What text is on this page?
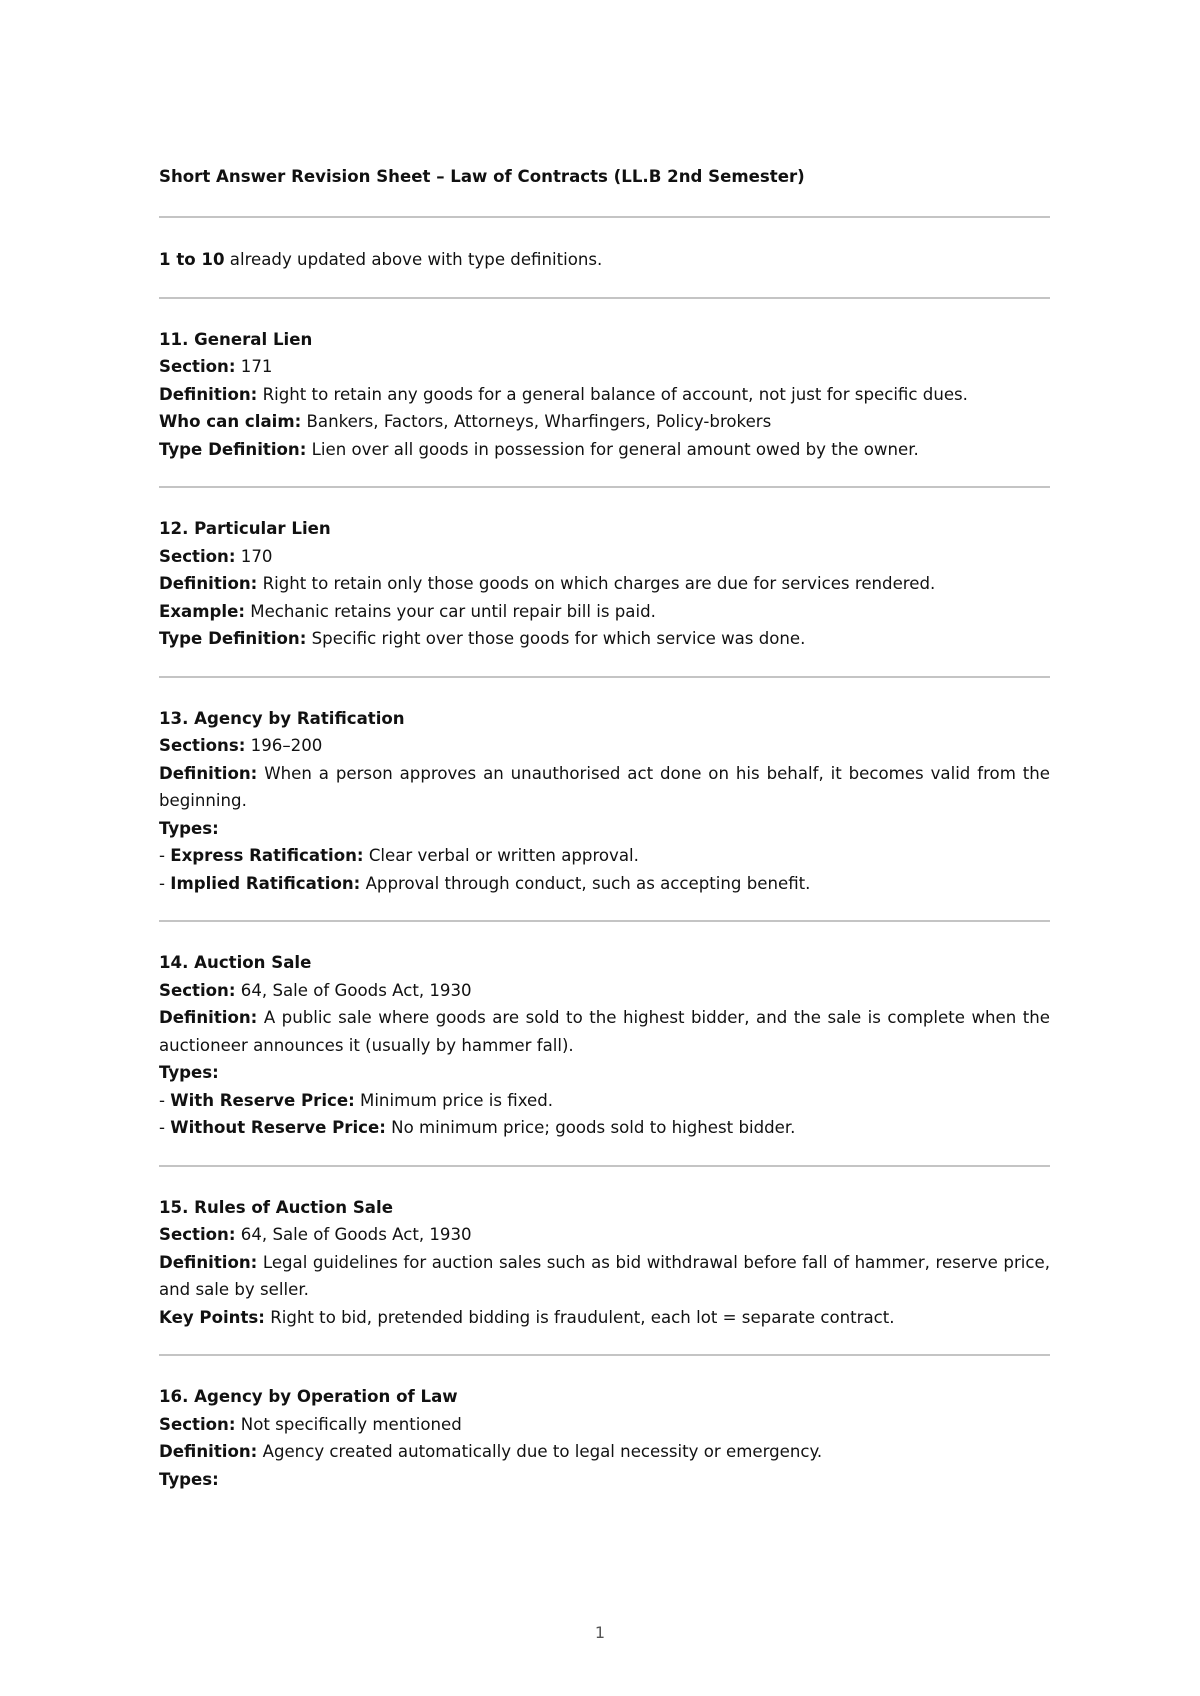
Short Answer Revision Sheet – Law of Contracts (LL.B 2nd Semester)

1 to 10 already updated above with type definitions.

11. General Lien

Section: 171

Definition: Right to retain any goods for a general balance of account, not just for specific dues.

Who can claim: Bankers, Factors, Attorneys, Wharfingers, Policy-brokers

Type Definition: Lien over all goods in possession for general amount owed by the owner.

12. Particular Lien

Section: 170

Definition: Right to retain only those goods on which charges are due for services rendered.

Example: Mechanic retains your car until repair bill is paid.

Type Definition: Specific right over those goods for which service was done.

13. Agency by Ratification

Sections: 196–200

Definition: When a person approves an unauthorised act done on his behalf, it becomes valid from the beginning.

Types:

- Express Ratification: Clear verbal or written approval.

- Implied Ratification: Approval through conduct, such as accepting benefit.

14. Auction Sale

Section: 64, Sale of Goods Act, 1930

Definition: A public sale where goods are sold to the highest bidder, and the sale is complete when the auctioneer announces it (usually by hammer fall).

Types:

- With Reserve Price: Minimum price is fixed.

- Without Reserve Price: No minimum price; goods sold to highest bidder.

15. Rules of Auction Sale

Section: 64, Sale of Goods Act, 1930

Definition: Legal guidelines for auction sales such as bid withdrawal before fall of hammer, reserve price, and sale by seller.

Key Points: Right to bid, pretended bidding is fraudulent, each lot = separate contract.

16. Agency by Operation of Law

Section: Not specifically mentioned

Definition: Agency created automatically due to legal necessity or emergency.

Types:

1
